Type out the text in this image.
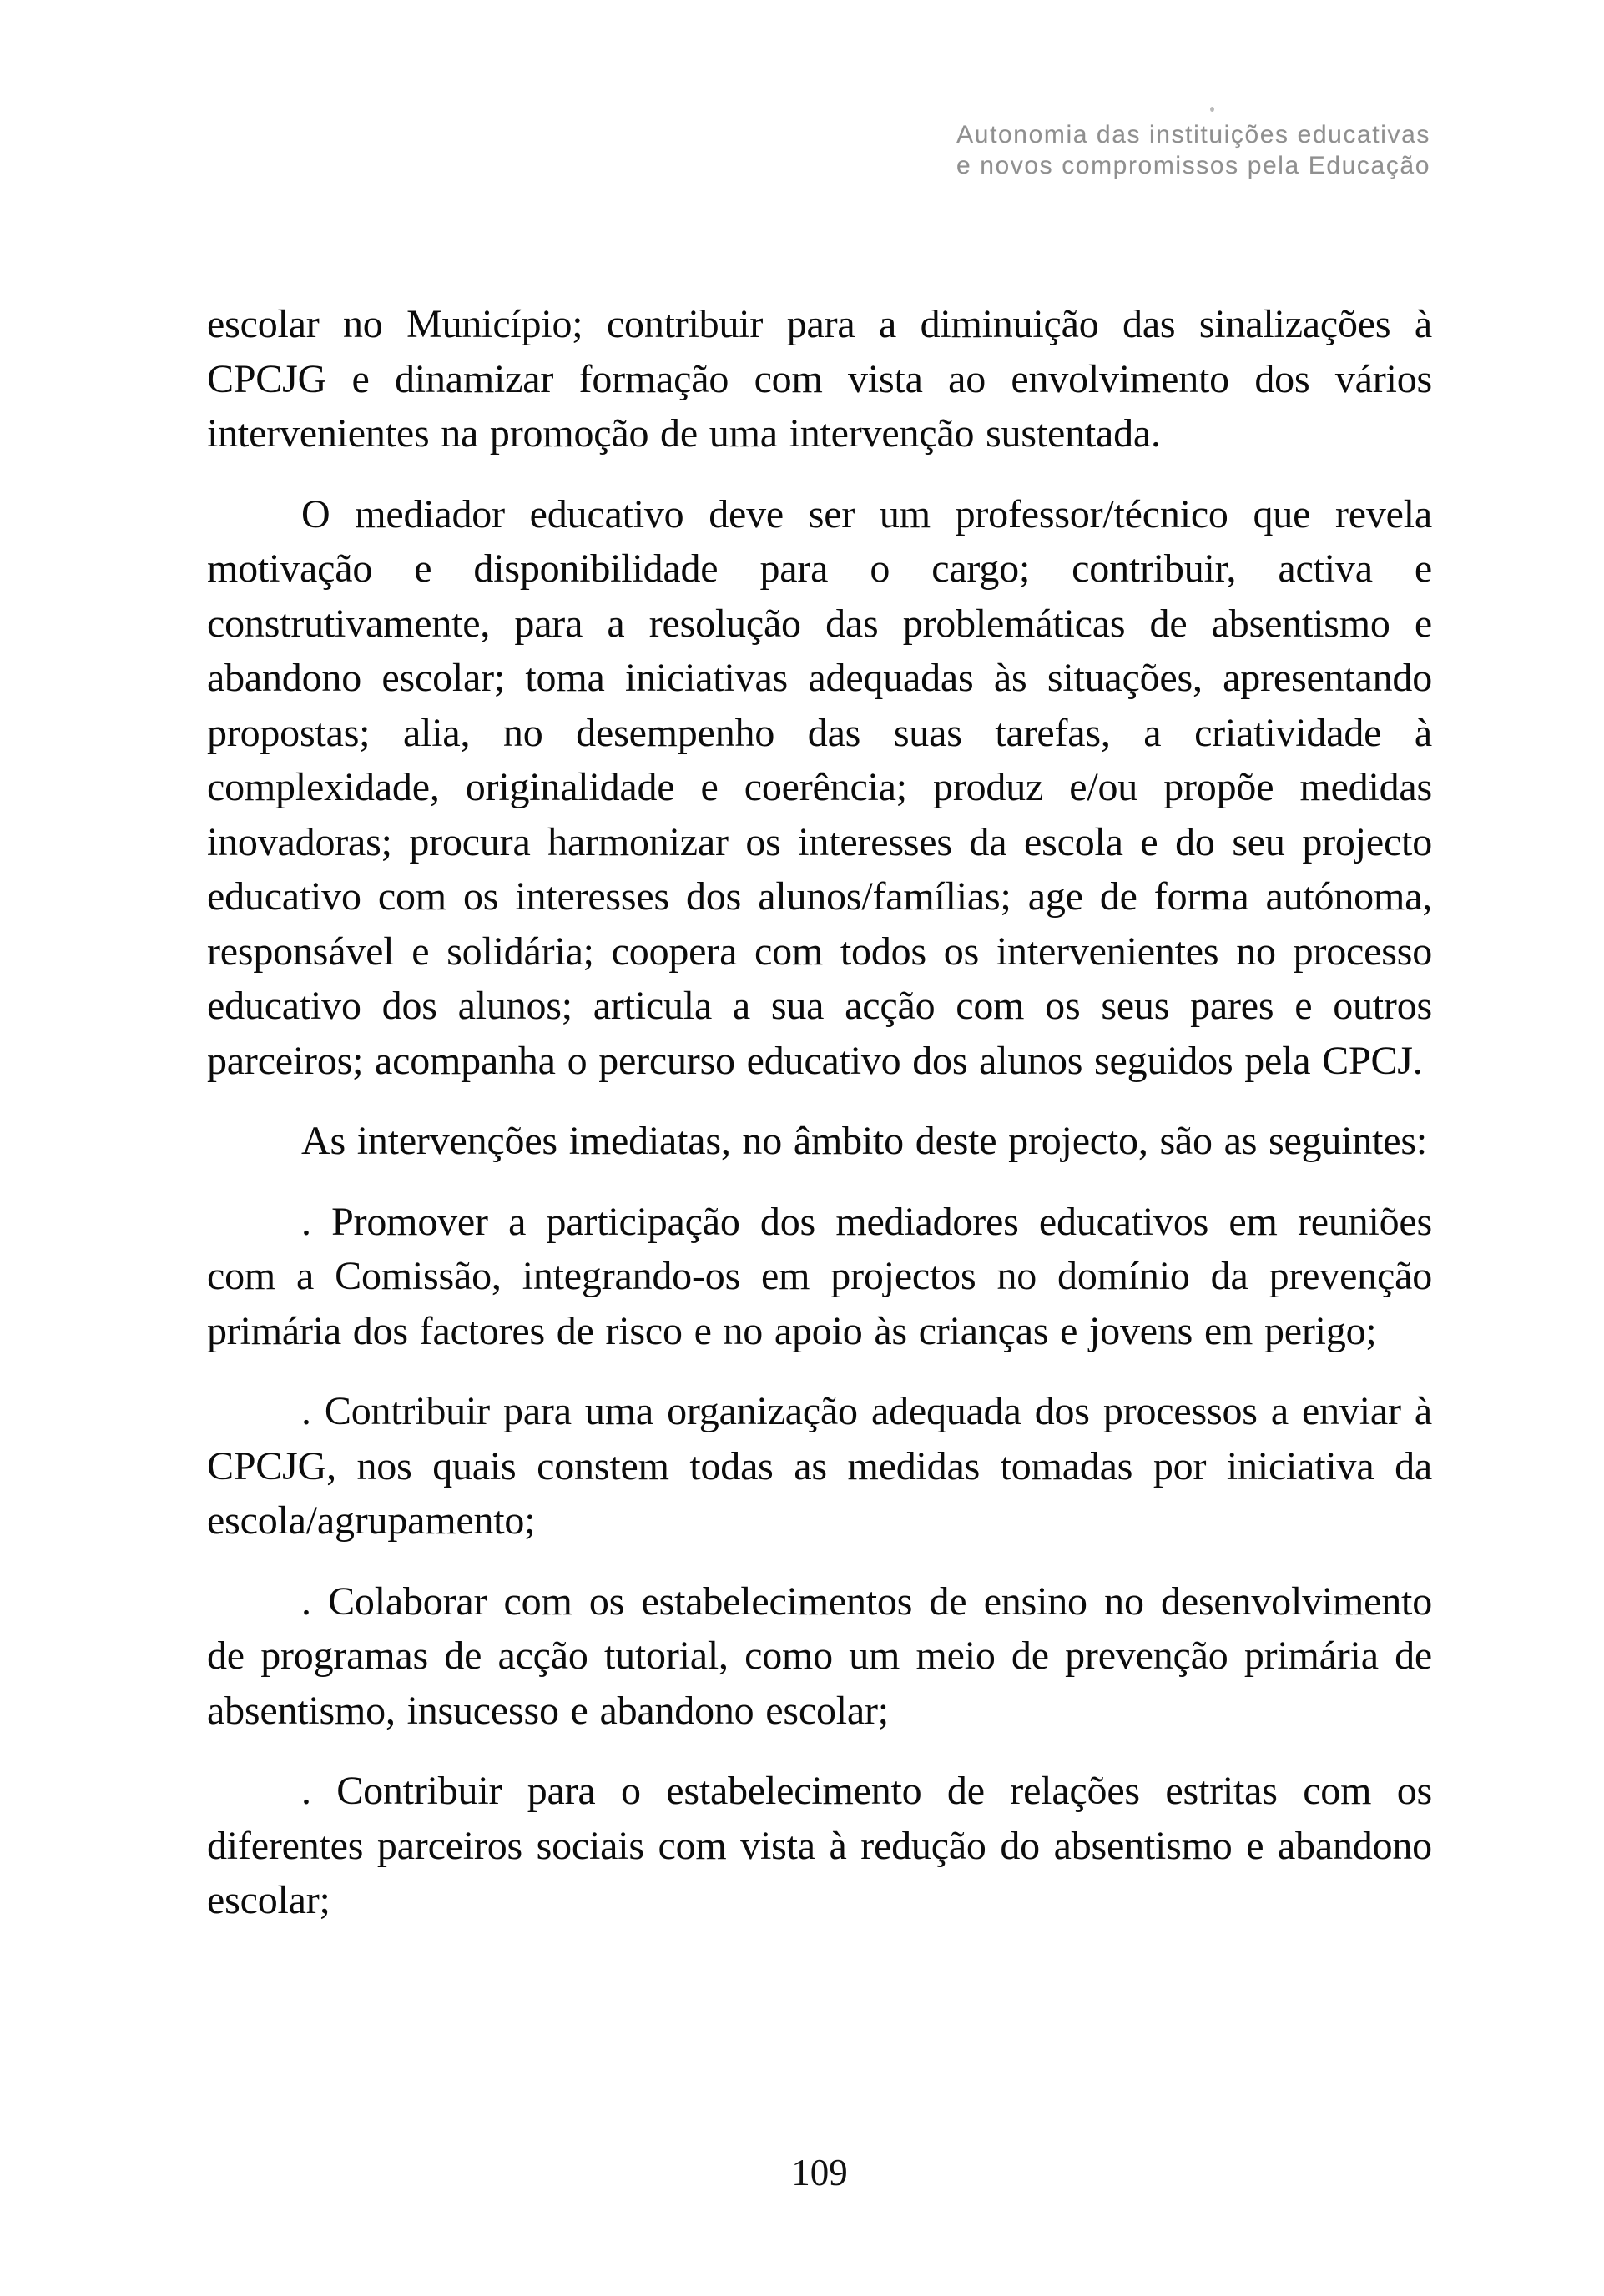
Autonomia das instituições educativas
e novos compromissos pela Educação

escolar no Município; contribuir para a diminuição das sinalizações à CPCJG e dinamizar formação com vista ao envolvimento dos vários intervenientes na promoção de uma intervenção sustentada.

O mediador educativo deve ser um professor/técnico que revela motivação e disponibilidade para o cargo; contribuir, activa e construtivamente, para a resolução das problemáticas de absentismo e abandono escolar; toma iniciativas adequadas às situações, apresentando propostas; alia, no desempenho das suas tarefas, a criatividade à complexidade, originalidade e coerência; produz e/ou propõe medidas inovadoras; procura harmonizar os interesses da escola e do seu projecto educativo com os interesses dos alunos/famílias; age de forma autónoma, responsável e solidária; coopera com todos os intervenientes no processo educativo dos alunos; articula a sua acção com os seus pares e outros parceiros; acompanha o percurso educativo dos alunos seguidos pela CPCJ.

As intervenções imediatas, no âmbito deste projecto, são as seguintes:

. Promover a participação dos mediadores educativos em reuniões com a Comissão, integrando-os em projectos no domínio da prevenção primária dos factores de risco e no apoio às crianças e jovens em perigo;

. Contribuir para uma organização adequada dos processos a enviar à CPCJG, nos quais constem todas as medidas tomadas por iniciativa da escola/agrupamento;

. Colaborar com os estabelecimentos de ensino no desenvolvimento de programas de acção tutorial, como um meio de prevenção primária de absentismo, insucesso e abandono escolar;

. Contribuir para o estabelecimento de relações estritas com os diferentes parceiros sociais com vista à redução do absentismo e abandono escolar;

109
